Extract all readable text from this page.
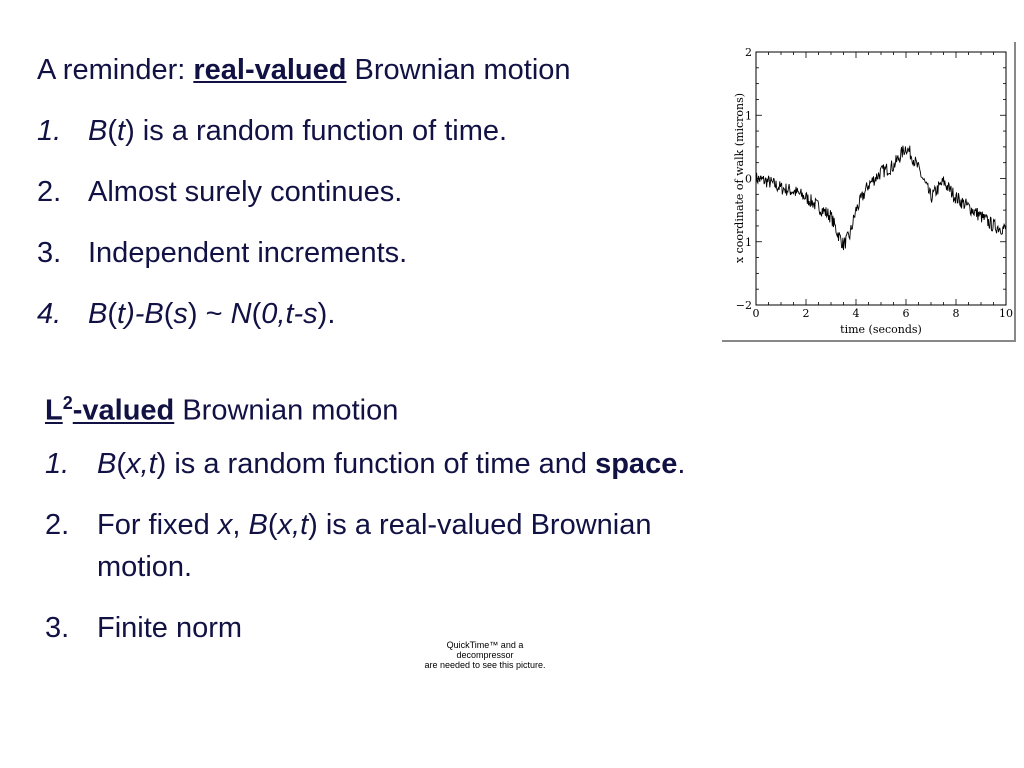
A reminder: real-valued Brownian motion
1. B(t) is a random function of time.
2. Almost surely continues.
3. Independent increments.
4. B(t)-B(s) ~ N(0,t-s).
$L^2$-valued Brownian motion
1. B(x,t) is a random function of time and space.
2. For fixed x, B(x,t) is a real-valued Brownian
motion.
3. Finite norm
QuickTime™ and a
decompressor
are needed to see this picture.
0	2	4	6	8	10
2
1
0
1
−2
time (seconds)
x coordinate of walk (microns)
